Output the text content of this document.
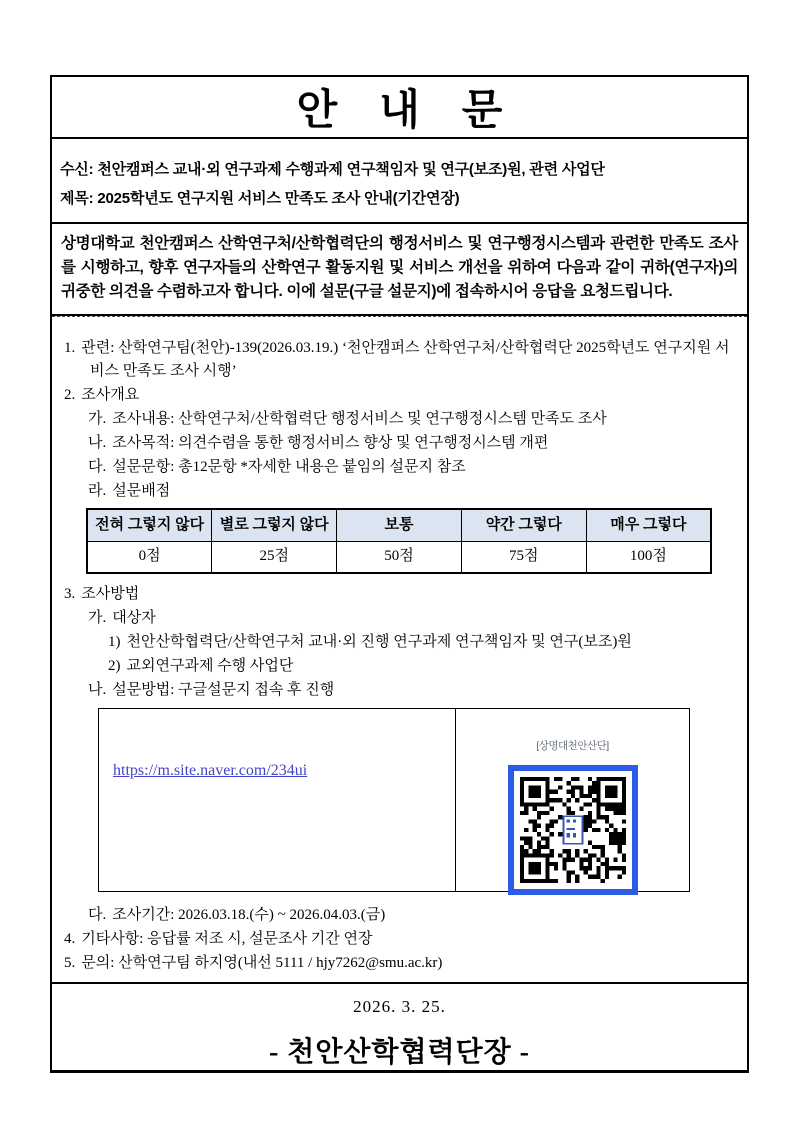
안    내    문
수신: 천안캠퍼스 교내·외 연구과제 수행과제 연구책임자 및 연구(보조)원, 관련 사업단
제목: 2025학년도 연구지원 서비스 만족도 조사 안내(기간연장)
상명대학교 천안캠퍼스 산학연구처/산학협력단의 행정서비스 및 연구행정시스템과 관련한 만족도 조사를 시행하고, 향후 연구자들의 산학연구 활동지원 및 서비스 개선을 위하여 다음과 같이 귀하(연구자)의 귀중한 의견을 수렴하고자 합니다. 이에 설문(구글 설문지)에 접속하시어 응답을 요청드립니다.
1. 관련: 산학연구팀(천안)-139(2026.03.19.) ‘천안캠퍼스 산학연구처/산학협력단 2025학년도 연구지원 서비스 만족도 조사 시행’
2. 조사개요
가. 조사내용: 산학연구처/산학협력단 행정서비스 및 연구행정시스템 만족도 조사
나. 조사목적: 의견수렴을 통한 행정서비스 향상 및 연구행정시스템 개편
다. 설문문항: 총12문항 *자세한 내용은 붙임의 설문지 참조
라. 설문배점
전혀 그렇지 않다	별로 그렇지 않다	보통	약간 그렇다	매우 그렇다
0점	25점	50점	75점	100점
3. 조사방법
가. 대상자
1) 천안산학협력단/산학연구처 교내·외 진행 연구과제 연구책임자 및 연구(보조)원
2) 교외연구과제 수행 사업단
나. 설문방법: 구글설문지 접속 후 진행
https://m.site.naver.com/234ui
[상명대천안산단]
다. 조사기간: 2026.03.18.(수) ~ 2026.04.03.(금)
4. 기타사항: 응답률 저조 시, 설문조사 기간 연장
5. 문의: 산학연구팀 하지영(내선 5111 / hjy7262@smu.ac.kr)
2026. 3. 25.
- 천안산학협력단장 -
